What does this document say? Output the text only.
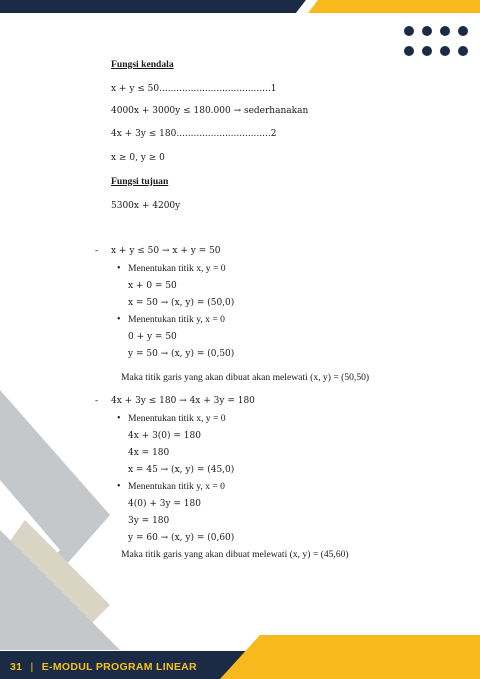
31 | E-MODUL PROGRAM LINEAR
Fungsi kendala
x + y ≤ 50.......................................1
4000x + 3000y ≤ 180.000 → sederhanakan
4x + 3y ≤ 180.................................2
x ≥ 0, y ≥ 0
Fungsi tujuan
5300x + 4200y
- x + y ≤ 50 → x + y = 50
• Menentukan titik x, y = 0
x + 0 = 50
x = 50 → (x, y) = (50,0)
• Menentukan titik y, x = 0
0 + y = 50
y = 50 → (x, y) = (0,50)
Maka titik garis yang akan dibuat akan melewati (x, y) = (50,50)
- 4x + 3y ≤ 180 → 4x + 3y = 180
• Menentukan titik x, y = 0
4x + 3(0) = 180
4x = 180
x = 45 → (x, y) = (45,0)
• Menentukan titik y, x = 0
4(0) + 3y = 180
3y = 180
y = 60 → (x, y) = (0,60)
Maka titik garis yang akan dibuat melewati (x, y) = (45,60)
